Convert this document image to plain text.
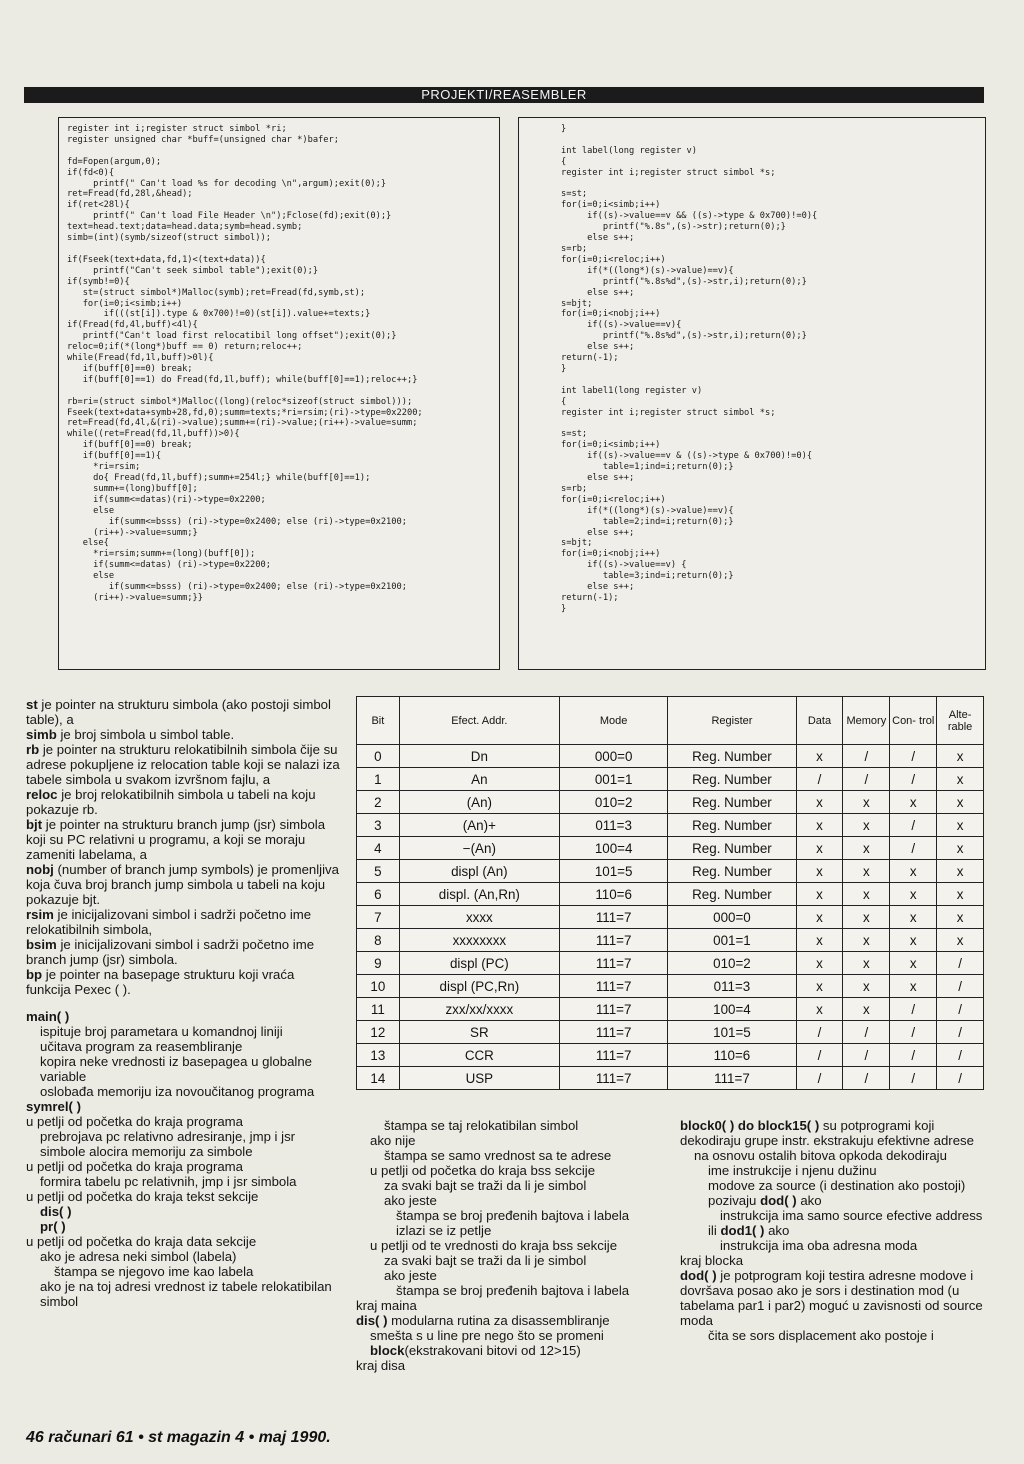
PROJEKTI/REASEMBLER
register int i;register struct simbol *ri;
register unsigned char *buff=(unsigned char *)bafer;

fd=Fopen(argum,0);
if(fd<0){
printf(" Can't load %s for decoding \n",argum);exit(0);}
ret=Fread(fd,28l,&head);
if(ret<28l){
printf(" Can't load File Header \n");Fclose(fd);exit(0);}
text=head.text;data=head.data;symb=head.symb;
simb=(int)(symb/sizeof(struct simbol));

if(Fseek(text+data,fd,1)<(text+data)){
printf("Can't seek simbol table");exit(0);}
if(symb!=0){
st=(struct simbol*)Malloc(symb);ret=Fread(fd,symb,st);
for(i=0;i<simb;i++)
if(((st[i]).type & 0x700)!=0)(st[i]).value+=texts;}
if(Fread(fd,4l,buff)<4l){
printf("Can't load first relocatibil long offset");exit(0);}
reloc=0;if(*(long*)buff == 0) return;reloc++;
while(Fread(fd,1l,buff)>0l){
if(buff[0]==0) break;
if(buff[0]==1) do Fread(fd,1l,buff); while(buff[0]==1);reloc++;}

rb=ri=(struct simbol*)Malloc((long)(reloc*sizeof(struct simbol)));
Fseek(text+data+symb+28,fd,0);summ=texts;*ri=rsim;(ri)->type=0x2200;
ret=Fread(fd,4l,&(ri)->value);summ+=(ri)->value;(ri++)->value=summ;
while((ret=Fread(fd,1l,buff))>0){
if(buff[0]==0) break;
if(buff[0]==1){
*ri=rsim;
do{ Fread(fd,1l,buff);summ+=254l;} while(buff[0]==1);
summ+=(long)buff[0];
if(summ<=datas)(ri)->type=0x2200;
else
if(summ<=bsss) (ri)->type=0x2400; else (ri)->type=0x2100;
(ri++)->value=summ;}
else{
*ri=rsim;summ+=(long)(buff[0]);
if(summ<=datas) (ri)->type=0x2200;
else
if(summ<=bsss) (ri)->type=0x2400; else (ri)->type=0x2100;
(ri++)->value=summ;}}
}

int label(long register v)
{
register int i;register struct simbol *s;

s=st;
for(i=0;i<simb;i++)
if((s)->value==v && ((s)->type & 0x700)!=0){
printf("%.8s",(s)->str);return(0);}
else s++;
s=rb;
for(i=0;i<reloc;i++)
if(*((long*)(s)->value)==v){
printf("%.8s%d",(s)->str,i);return(0);}
else s++;
s=bjt;
for(i=0;i<nobj;i++)
if((s)->value==v){
printf("%.8s%d",(s)->str,i);return(0);}
else s++;
return(-1);
}

int label1(long register v)
{
register int i;register struct simbol *s;

s=st;
for(i=0;i<simb;i++)
if((s)->value==v & ((s)->type & 0x700)!=0){
table=1;ind=i;return(0);}
else s++;
s=rb;
for(i=0;i<reloc;i++)
if(*((long*)(s)->value)==v){
table=2;ind=i;return(0);}
else s++;
s=bjt;
for(i=0;i<nobj;i++)
if((s)->value==v) {
table=3;ind=i;return(0);}
else s++;
return(-1);
}

st je pointer na strukturu simbola (ako postoji simbol table), a

simb je broj simbola u simbol table.

rb je pointer na strukturu relokatibilnih simbola čije su adrese pokupljene iz relocation table koji se nalazi iza tabele simbola u svakom izvršnom fajlu, a

reloc je broj relokatibilnih simbola u tabeli na koju pokazuje rb.

bjt je pointer na strukturu branch jump (jsr) simbola koji su PC relativni u programu, a koji se moraju zameniti labelama, a

nobj (number of branch jump symbols) je promenljiva koja čuva broj branch jump simbola u tabeli na koju pokazuje bjt.

rsim je inicijalizovani simbol i sadrži početno ime relokatibilnih simbola,

bsim je inicijalizovani simbol i sadrži početno ime branch jump (jsr) simbola.

bp je pointer na basepage strukturu koji vraća funkcija Pexec ( ).

main( )

ispituje broj parametara u komandnoj liniji

učitava program za reasembliranje

kopira neke vrednosti iz basepagea u globalne variable

oslobađa memoriju iza novoučitanog programa

symrel( )

u petlji od početka do kraja programa

prebrojava pc relativno adresiranje, jmp i jsr simbole alocira memoriju za simbole

u petlji od početka do kraja programa

formira tabelu pc relativnih, jmp i jsr simbola

u petlji od početka do kraja tekst sekcije

dis( )

pr( )

u petlji od početka do kraja data sekcije

ako je adresa neki simbol (labela)

štampa se njegovo ime kao labela

ako je na toj adresi vrednost iz tabele relokatibilan simbol

Bit	Efect. Addr.	Mode	Register	Data	Memory	Con- trol	Alte- rable
0	Dn	000=0	Reg. Number	x	/	/	x
1	An	001=1	Reg. Number	/	/	/	x
2	(An)	010=2	Reg. Number	x	x	x	x
3	(An)+	011=3	Reg. Number	x	x	/	x
4	−(An)	100=4	Reg. Number	x	x	/	x
5	displ (An)	101=5	Reg. Number	x	x	x	x
6	displ. (An,Rn)	110=6	Reg. Number	x	x	x	x
7	xxxx	111=7	000=0	x	x	x	x
8	xxxxxxxx	111=7	001=1	x	x	x	x
9	displ (PC)	111=7	010=2	x	x	x	/
10	displ (PC,Rn)	111=7	011=3	x	x	x	/
11	zxx/xx/xxxx	111=7	100=4	x	x	/	/
12	SR	111=7	101=5	/	/	/	/
13	CCR	111=7	110=6	/	/	/	/
14	USP	111=7	111=7	/	/	/	/

štampa se taj relokatibilan simbol

ako nije

štampa se samo vrednost sa te adrese

u petlji od početka do kraja bss sekcije

za svaki bajt se traži da li je simbol

ako jeste

štampa se broj pređenih bajtova i labela

izlazi se iz petlje

u petlji od te vrednosti do kraja bss sekcije

za svaki bajt se traži da li je simbol

ako jeste

štampa se broj pređenih bajtova i labela

kraj maina

dis( ) modularna rutina za disassembliranje

smešta s u line pre nego što se promeni

block(ekstrakovani bitovi od 12>15)

kraj disa

block0( ) do block15( ) su potprogrami koji dekodiraju grupe instr. ekstrakuju efektivne adrese

na osnovu ostalih bitova opkoda dekodiraju

ime instrukcije i njenu dužinu

modove za source (i destination ako postoji)

pozivaju dod( ) ako

instrukcija ima samo source efective address

ili dod1( ) ako

instrukcija ima oba adresna moda

kraj blocka

dod( ) je potprogram koji testira adresne modove i dovršava posao ako je sors i destination mod (u tabelama par1 i par2) moguć u zavisnosti od source moda

čita se sors displacement ako postoje i

46 računari 61 • st magazin 4 • maj 1990.
